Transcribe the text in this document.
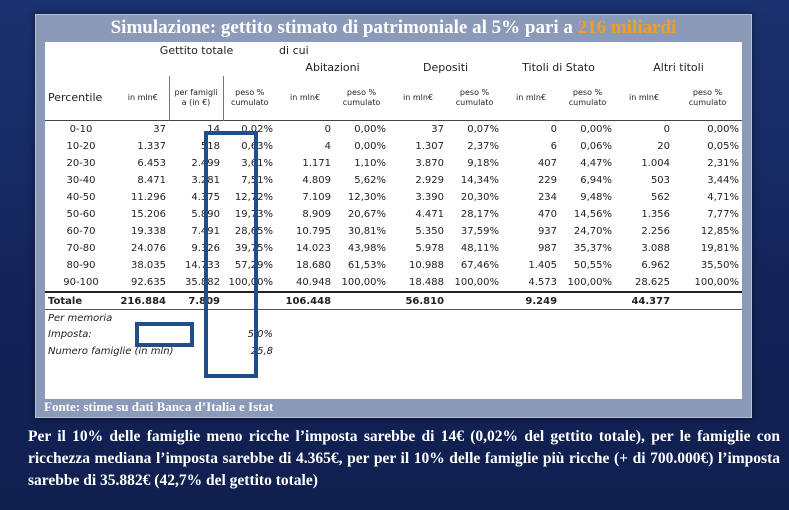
Simulazione: gettito stimato di patrimoniale al 5% pari a 216 miliardi
	Gettito totale			di cui							
				Abitazioni		Depositi		Titoli di Stato		Altri titoli	
Percentile	in mln€	per famiglia (in €)	peso % cumulato	in mln€	peso % cumulato	in mln€	peso % cumulato	in mln€	peso % cumulato	in mln€	peso % cumulato
0-10	37	14	0,02%	0	0,00%	37	0,07%	0	0,00%	0	0,00%
10-20	1.337	518	0,63%	4	0,00%	1.307	2,37%	6	0,06%	20	0,05%
20-30	6.453	2.499	3,61%	1.171	1,10%	3.870	9,18%	407	4,47%	1.004	2,31%
30-40	8.471	3.281	7,51%	4.809	5,62%	2.929	14,34%	229	6,94%	503	3,44%
40-50	11.296	4.375	12,72%	7.109	12,30%	3.390	20,30%	234	9,48%	562	4,71%
50-60	15.206	5.890	19,73%	8.909	20,67%	4.471	28,17%	470	14,56%	1.356	7,77%
60-70	19.338	7.491	28,65%	10.795	30,81%	5.350	37,59%	937	24,70%	2.256	12,85%
70-80	24.076	9.326	39,75%	14.023	43,98%	5.978	48,11%	987	35,37%	3.088	19,81%
80-90	38.035	14.733	57,29%	18.680	61,53%	10.988	67,46%	1.405	50,55%	6.962	35,50%
90-100	92.635	35.882	100,00%	40.948	100,00%	18.488	100,00%	4.573	100,00%	28.625	100,00%
Totale	216.884	7.809		106.448		56.810		9.249		44.377	
Per memoria											
Imposta:			5,0%								
Numero famiglie (in mln)			25,8								
Fonte: stime su dati Banca d’Italia e Istat
Per il 10% delle famiglie meno ricche l’imposta sarebbe di 14€ (0,02% del gettito totale), per le famiglie con ricchezza mediana l’imposta sarebbe di 4.365€, per per il 10% delle famiglie più ricche (+ di 700.000€) l’imposta sarebbe di 35.882€ (42,7% del gettito totale)
